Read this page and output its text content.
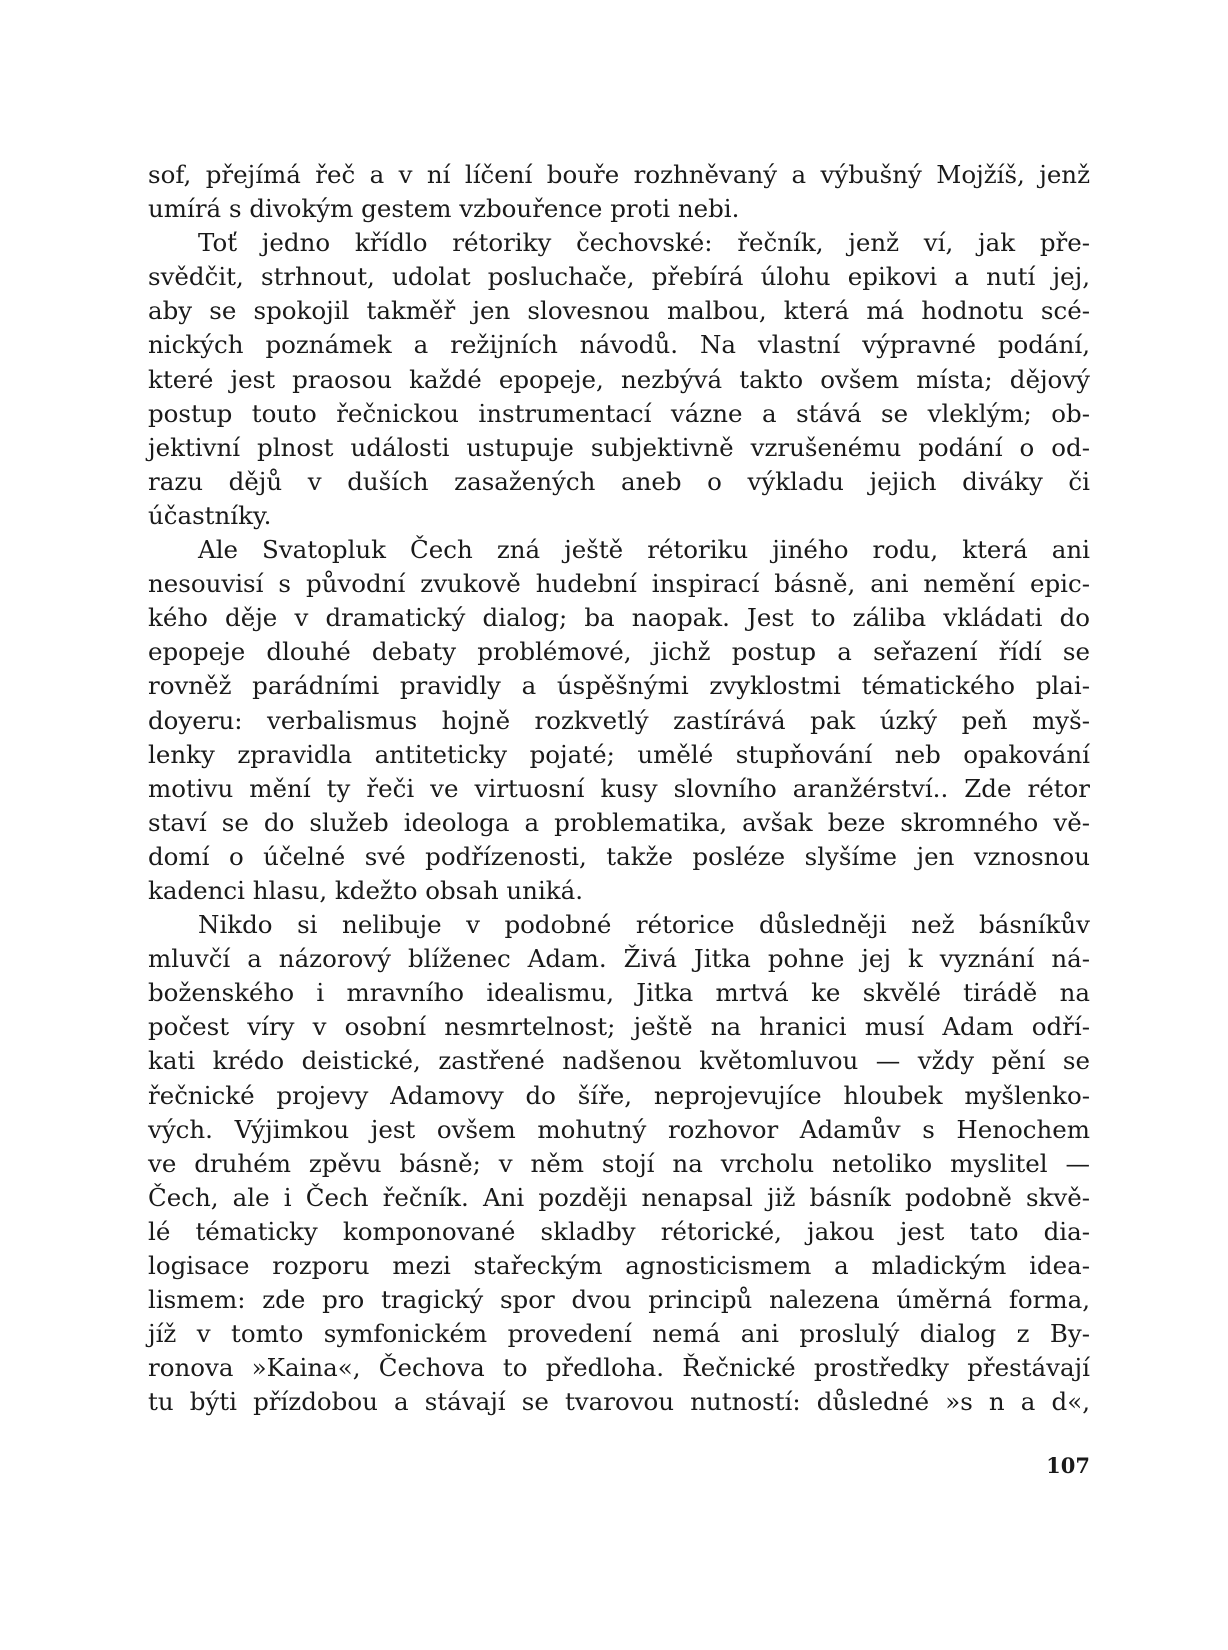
sof, přejímá řeč a v ní líčení bouře rozhněvaný a výbušný Mojžíš, jenž
umírá s divokým gestem vzbouřence proti nebi.
Toť jedno křídlo rétoriky čechovské: řečník, jenž ví, jak pře-
svědčit, strhnout, udolat posluchače, přebírá úlohu epikovi a nutí jej,
aby se spokojil takměř jen slovesnou malbou, která má hodnotu scé-
nických poznámek a režijních návodů. Na vlastní výpravné podání,
které jest praosou každé epopeje, nezbývá takto ovšem místa; dějový
postup touto řečnickou instrumentací vázne a stává se vleklým; ob-
jektivní plnost události ustupuje subjektivně vzrušenému podání o od-
razu dějů v duších zasažených aneb o výkladu jejich diváky či
účastníky.
Ale Svatopluk Čech zná ještě rétoriku jiného rodu, která ani
nesouvisí s původní zvukově hudební inspirací básně, ani nemění epic-
kého děje v dramatický dialog; ba naopak. Jest to záliba vkládati do
epopeje dlouhé debaty problémové, jichž postup a seřazení řídí se
rovněž parádními pravidly a úspěšnými zvyklostmi tématického plai-
doyeru: verbalismus hojně rozkvetlý zastírává pak úzký peň myš-
lenky zpravidla antiteticky pojaté; umělé stupňování neb opakování
motivu mění ty řeči ve virtuosní kusy slovního aranžérství.. Zde rétor
staví se do služeb ideologa a problematika, avšak beze skromného vě-
domí o účelné své podřízenosti, takže posléze slyšíme jen vznosnou
kadenci hlasu, kdežto obsah uniká.
Nikdo si nelibuje v podobné rétorice důsledněji než básníkův
mluvčí a názorový blíženec Adam. Živá Jitka pohne jej k vyznání ná-
boženského i mravního idealismu, Jitka mrtvá ke skvělé tirádě na
počest víry v osobní nesmrtelnost; ještě na hranici musí Adam odří-
kati krédo deistické, zastřené nadšenou květomluvou — vždy pění se
řečnické projevy Adamovy do šíře, neprojevujíce hloubek myšlenko-
vých. Výjimkou jest ovšem mohutný rozhovor Adamův s Henochem
ve druhém zpěvu básně; v něm stojí na vrcholu netoliko myslitel —
Čech, ale i Čech řečník. Ani později nenapsal již básník podobně skvě-
lé tématicky komponované skladby rétorické, jakou jest tato dia-
logisace rozporu mezi stařeckým agnosticismem a mladickým idea-
lismem: zde pro tragický spor dvou principů nalezena úměrná forma,
jíž v tomto symfonickém provedení nemá ani proslulý dialog z By-
ronova »Kaina«, Čechova to předloha. Řečnické prostředky přestávají
tu býti přízdobou a stávají se tvarovou nutností: důsledné »s n a d«,
107
